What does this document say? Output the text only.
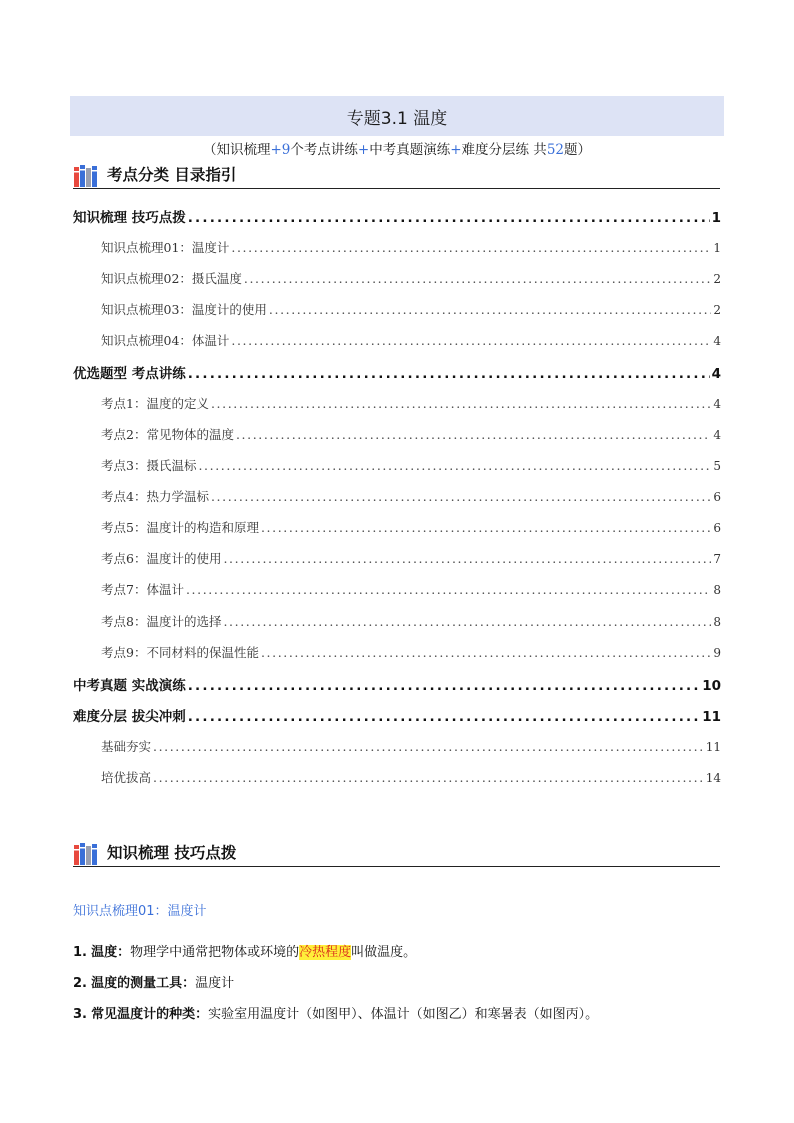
专题3.1 温度
（知识梳理+9个考点讲练+中考真题演练+难度分层练 共52题）
考点分类 目录指引
知识梳理 技巧点拨 .....	1
知识点梳理01：温度计 .....	1
知识点梳理02：摄氏温度 .....	2
知识点梳理03：温度计的使用 .....	2
知识点梳理04：体温计 .....	4
优选题型 考点讲练 .....	4
考点1：温度的定义 .....	4
考点2：常见物体的温度 .....	4
考点3：摄氏温标 .....	5
考点4：热力学温标 .....	6
考点5：温度计的构造和原理 .....	6
考点6：温度计的使用 .....	7
考点7：体温计 .....	8
考点8：温度计的选择 .....	8
考点9：不同材料的保温性能 .....	9
中考真题 实战演练 .....	10
难度分层 拔尖冲刺 .....	11
基础夯实 .....	11
培优拔高 .....	14
知识梳理 技巧点拨
知识点梳理01：温度计
1. 温度：物理学中通常把物体或环境的冷热程度叫做温度。
2. 温度的测量工具：温度计
3. 常见温度计的种类：实验室用温度计（如图甲）、体温计（如图乙）和寒暑表（如图丙）。
